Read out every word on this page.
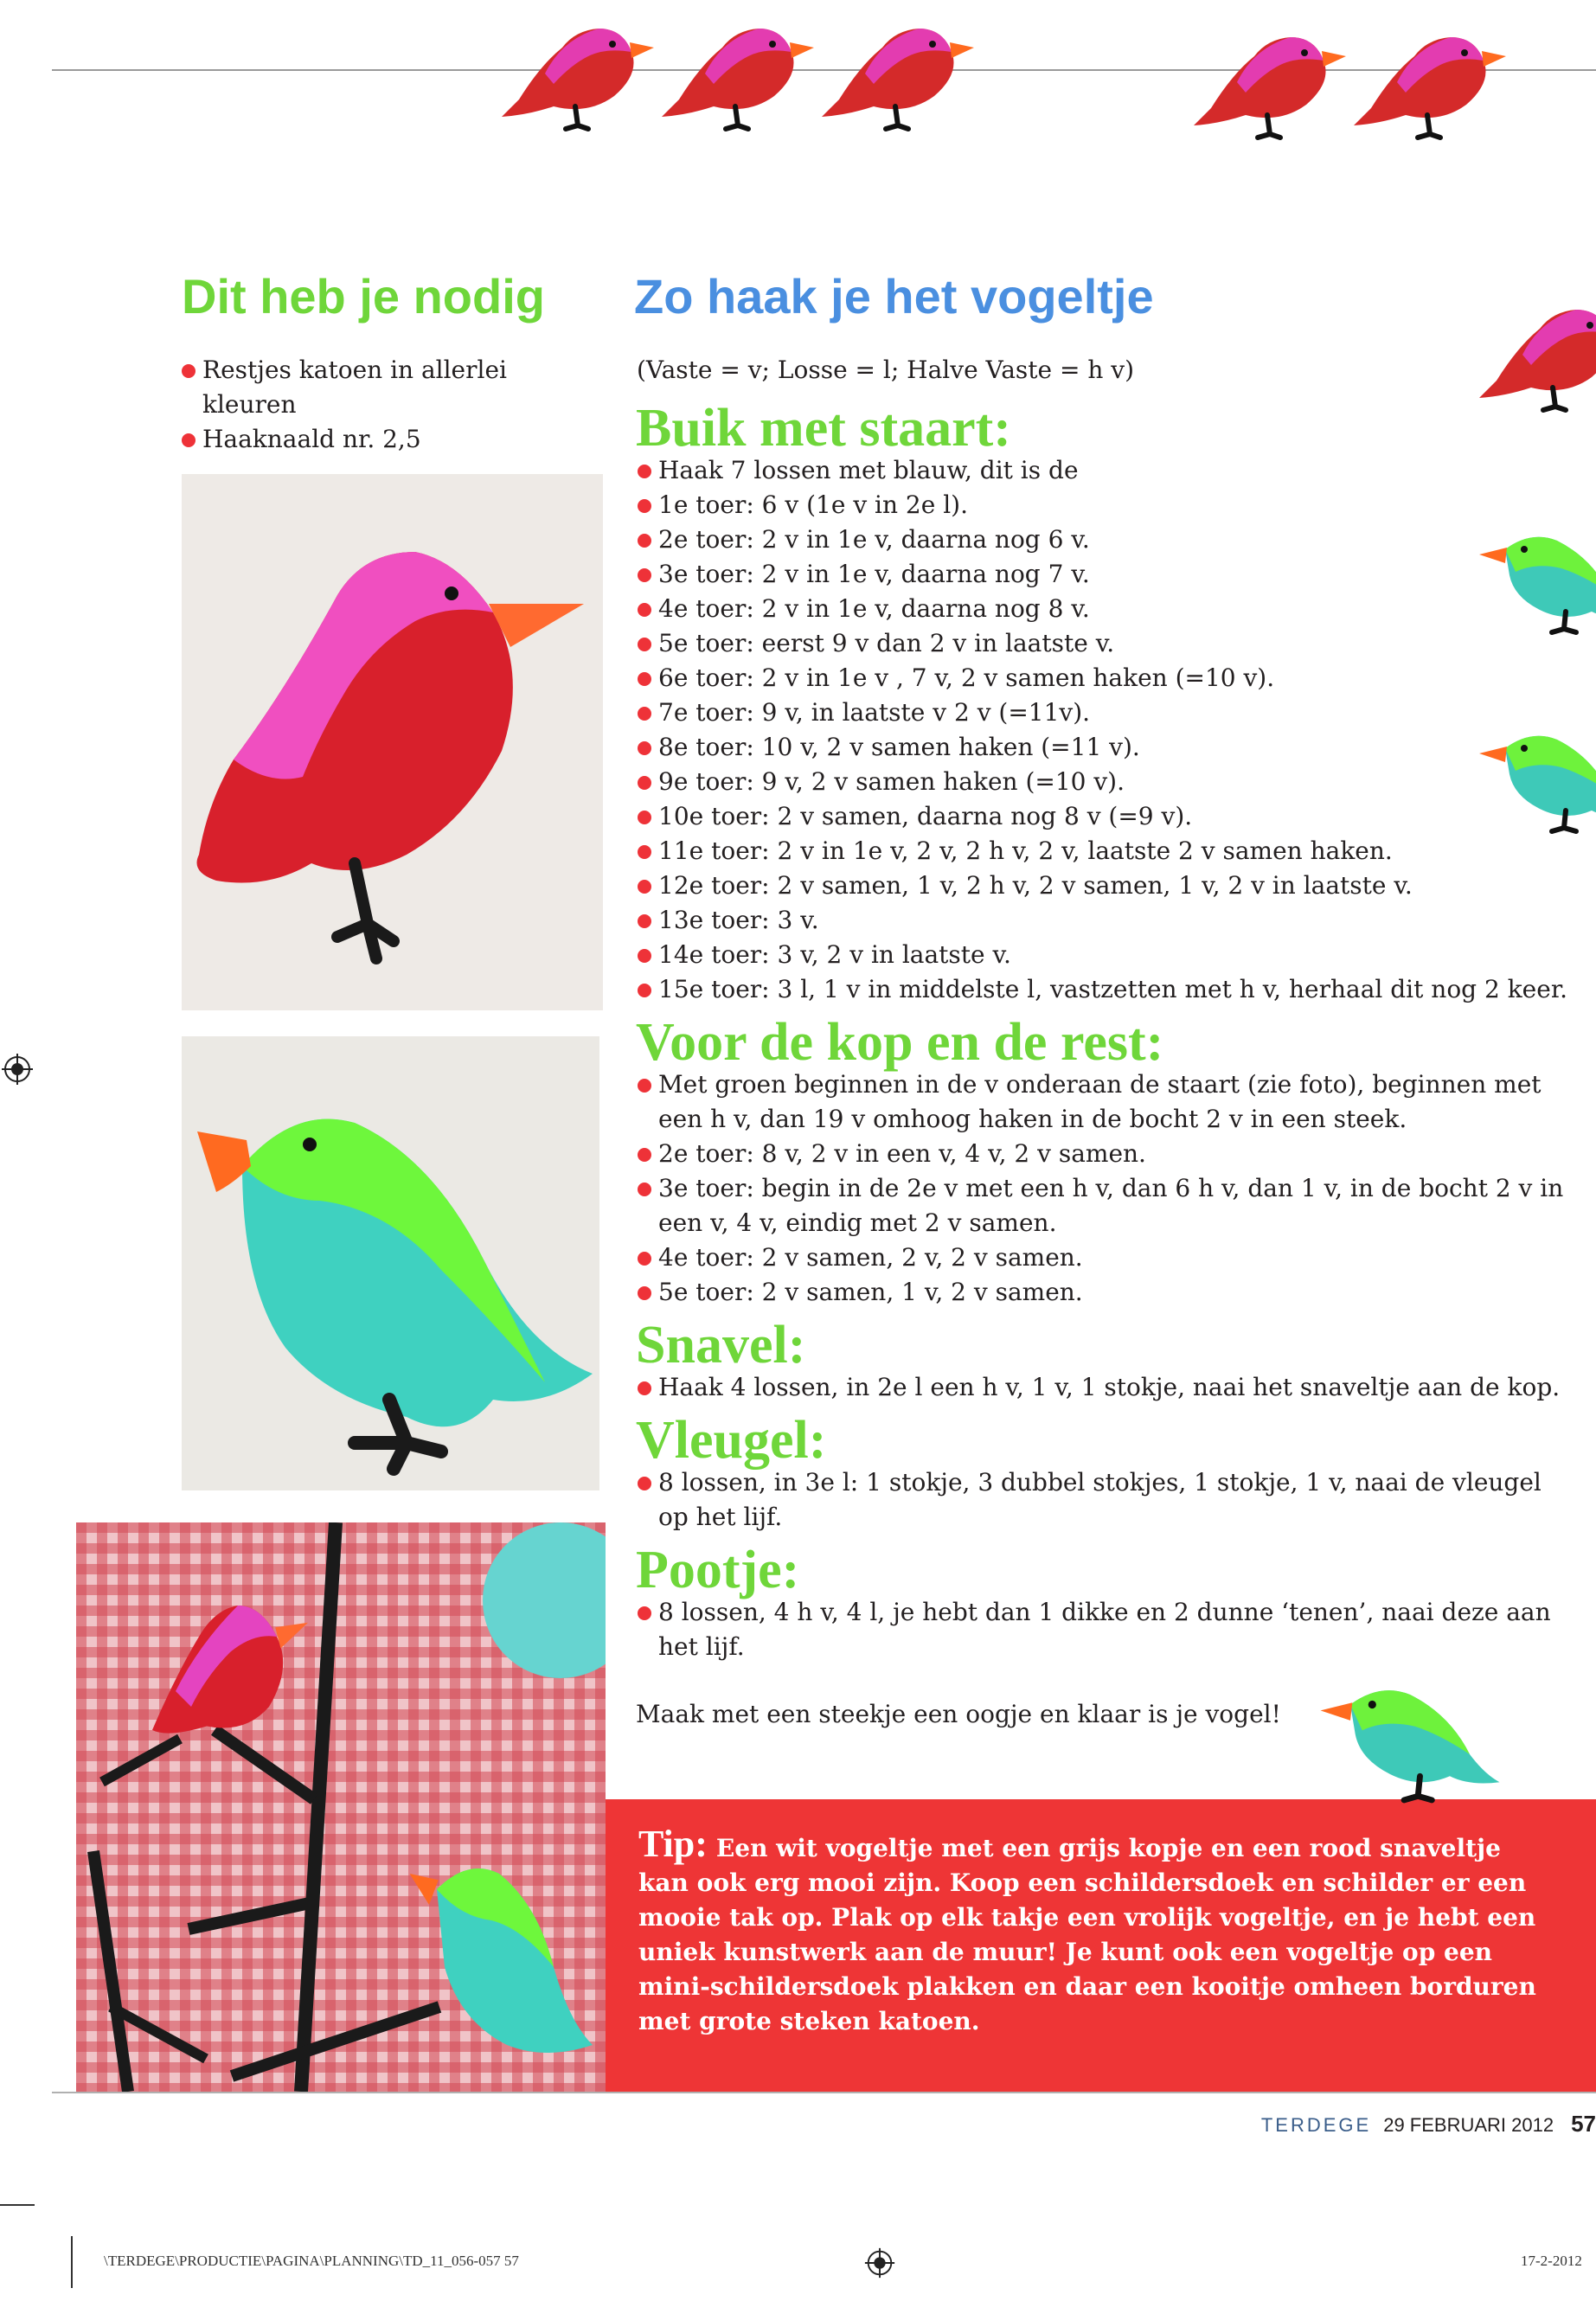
Dit heb je nodig
Restjes katoen in allerlei kleuren
Haaknaald nr. 2,5
Zo haak je het vogeltje
(Vaste = v; Losse = l; Halve Vaste = h v)
Buik met staart:
Haak 7 lossen met blauw, dit is de
1e toer: 6 v (1e v in 2e l).
2e toer: 2 v in 1e v, daarna nog 6 v.
3e toer: 2 v in 1e v, daarna nog 7 v.
4e toer: 2 v in 1e v, daarna nog 8 v.
5e toer: eerst 9 v dan 2 v in laatste v.
6e toer: 2 v in 1e v , 7 v, 2 v samen haken (=10 v).
7e toer: 9 v, in laatste v 2 v (=11v).
8e toer: 10 v, 2 v samen haken (=11 v).
9e toer: 9 v, 2 v samen haken (=10 v).
10e toer: 2 v samen, daarna nog 8 v (=9 v).
11e toer: 2 v in 1e v, 2 v, 2 h v, 2 v, laatste 2 v samen haken.
12e toer: 2 v samen, 1 v, 2 h v, 2 v samen, 1 v, 2 v in laatste v.
13e toer: 3 v.
14e toer: 3 v, 2 v in laatste v.
15e toer: 3 l, 1 v in middelste l, vastzetten met h v, herhaal dit nog 2 keer.
Voor de kop en de rest:
Met groen beginnen in de v onderaan de staart (zie foto), beginnen met een h v, dan 19 v omhoog haken in de bocht 2 v in een steek.
2e toer: 8 v, 2 v in een v, 4 v, 2 v samen.
3e toer: begin in de 2e v met een h v, dan 6 h v, dan 1 v, in de bocht 2 v in een v, 4 v, eindig met 2 v samen.
4e toer: 2 v samen, 2 v, 2 v samen.
5e toer: 2 v samen, 1 v, 2 v samen.
Snavel:
Haak 4 lossen, in 2e l een h v, 1 v, 1 stokje, naai het snaveltje aan de kop.
Vleugel:
8 lossen, in 3e l: 1 stokje, 3 dubbel stokjes, 1 stokje, 1 v, naai de vleugel op het lijf.
Pootje:
8 lossen, 4 h v, 4 l, je hebt dan 1 dikke en 2 dunne ‘tenen’, naai deze aan het lijf.

Maak met een steekje een oogje en klaar is je vogel!

Tip: Een wit vogeltje met een grijs kopje en een rood snaveltje kan ook erg mooi zijn. Koop een schildersdoek en schilder er een mooie tak op. Plak op elk takje een vrolijk vogeltje, en je hebt een uniek kunstwerk aan de muur! Je kunt ook een vogeltje op een mini-schildersdoek plakken en daar een kooitje omheen borduren met grote steken katoen.
TERDEGE 29 FEBRUARI 2012 57
\TERDEGE\PRODUCTIE\PAGINA\PLANNING\TD_11_056-057 57	17-2-2012
